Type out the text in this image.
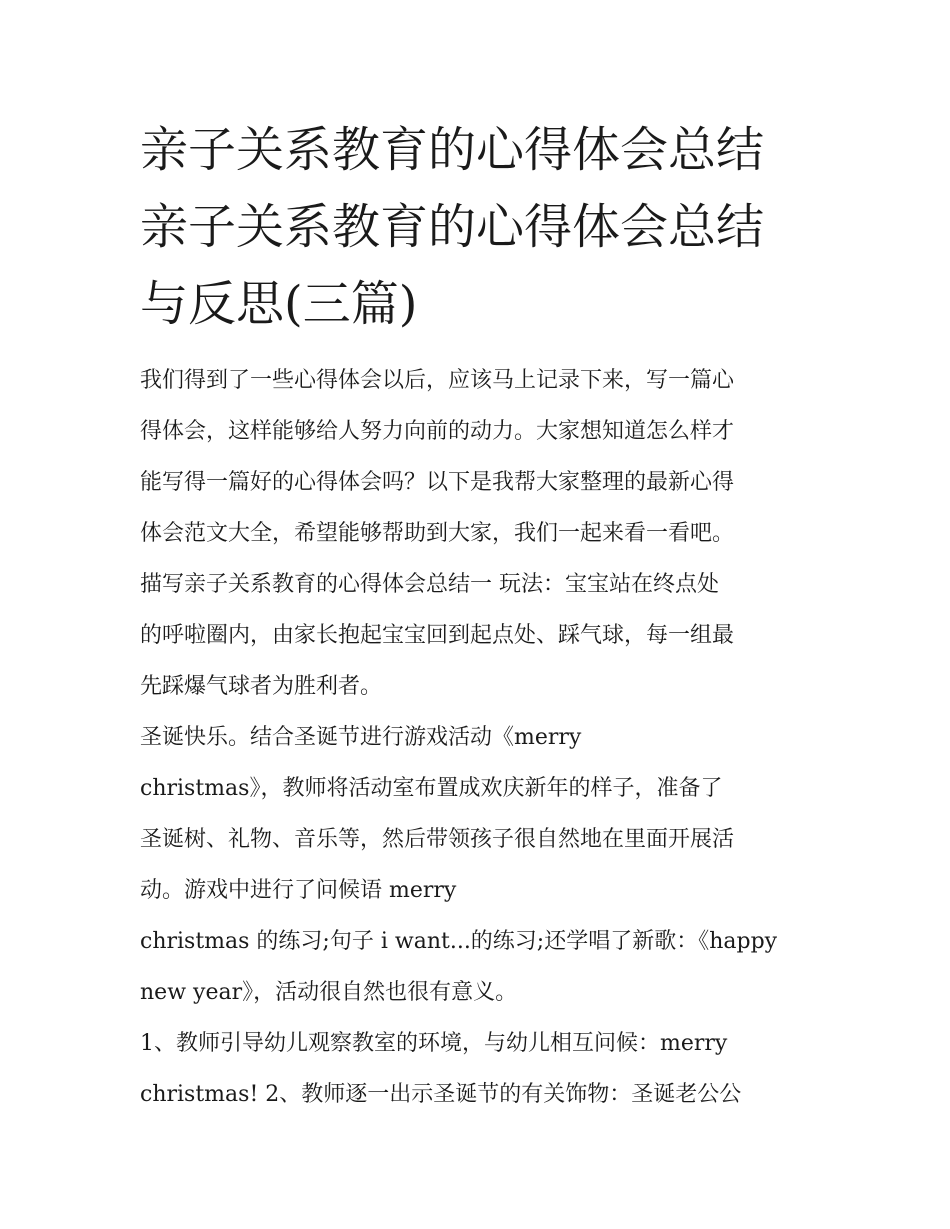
亲子关系教育的心得体会总结
亲子关系教育的心得体会总结
与反思(三篇)

我们得到了一些心得体会以后，应该马上记录下来，写一篇心

得体会，这样能够给人努力向前的动力。大家想知道怎么样才

能写得一篇好的心得体会吗？以下是我帮大家整理的最新心得

体会范文大全，希望能够帮助到大家，我们一起来看一看吧。

描写亲子关系教育的心得体会总结一 玩法：宝宝站在终点处

的呼啦圈内，由家长抱起宝宝回到起点处、踩气球，每一组最

先踩爆气球者为胜利者。

圣诞快乐。结合圣诞节进行游戏活动《merry

christmas》，教师将活动室布置成欢庆新年的样子，准备了

圣诞树、礼物、音乐等，然后带领孩子很自然地在里面开展活

动。游戏中进行了问候语 merry

christmas 的练习;句子 i want...的练习;还学唱了新歌：《happy

new year》，活动很自然也很有意义。

1、教师引导幼儿观察教室的环境，与幼儿相互问候：merry

christmas! 2、教师逐一出示圣诞节的有关饰物：圣诞老公公
